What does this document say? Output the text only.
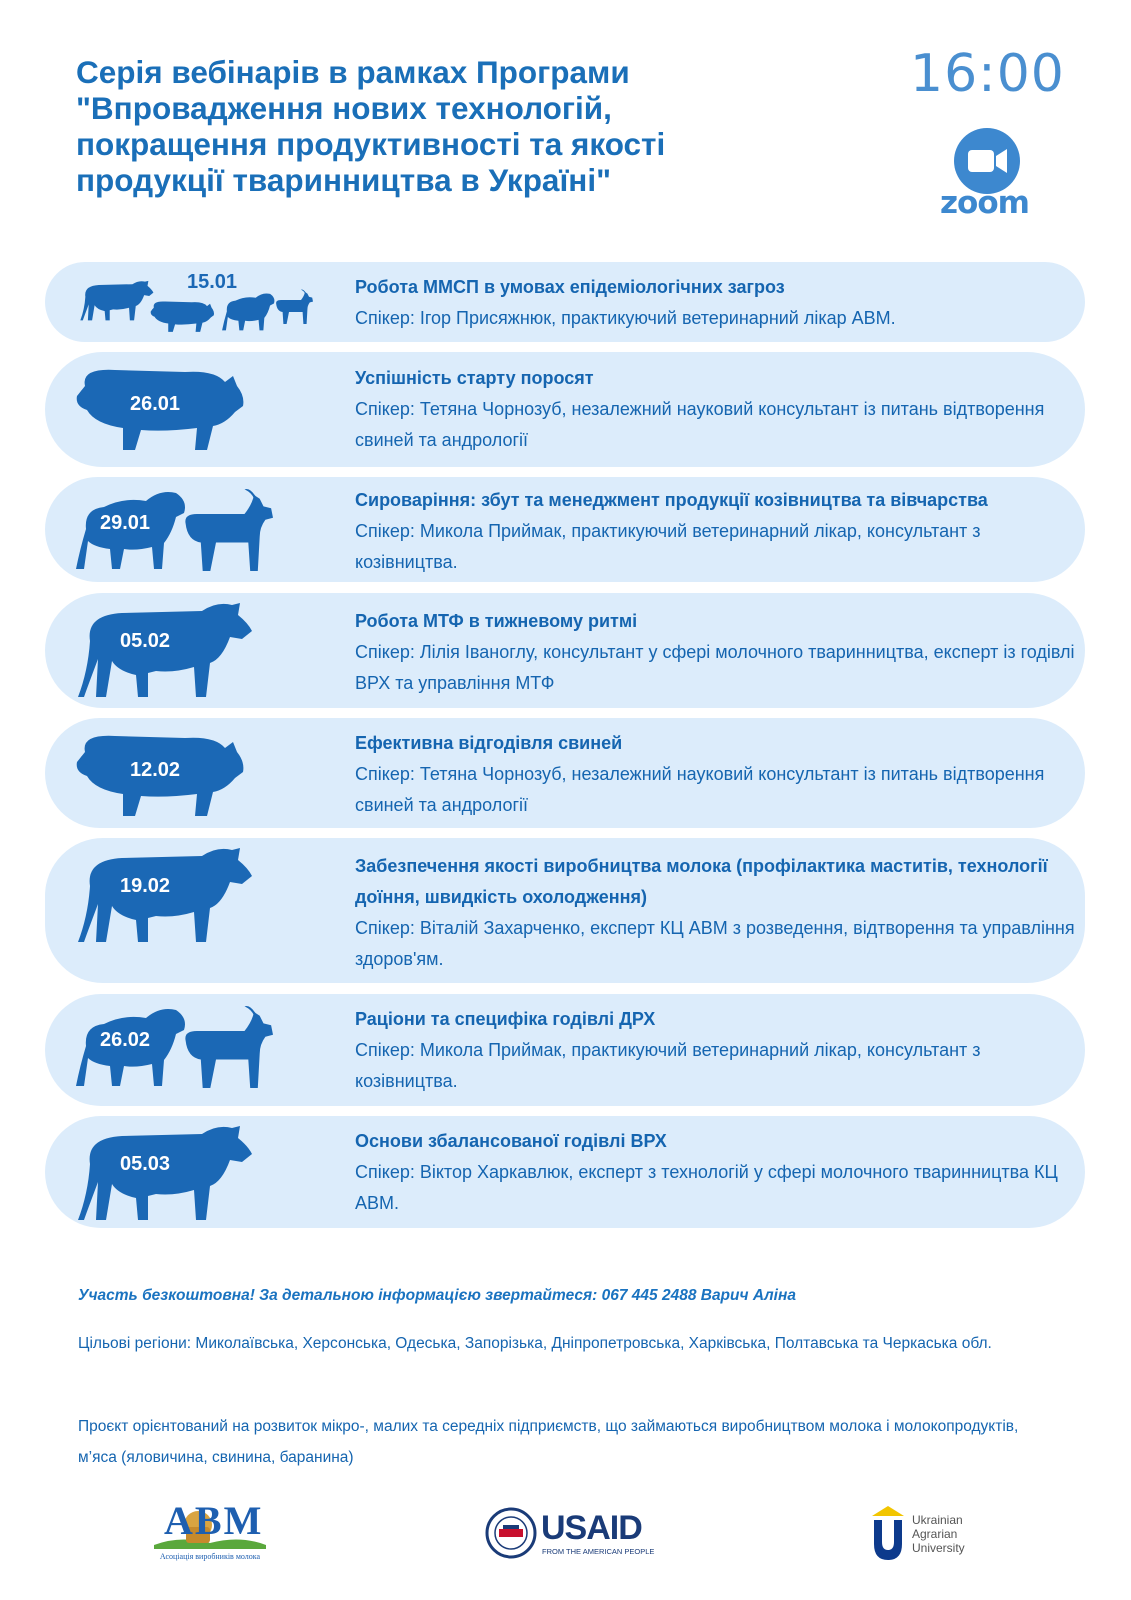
Серія вебінарів в рамках Програми
"Впровадження нових технологій,
покращення продуктивності та якості
продукції тваринництва в Україні"
16:00
zoom
15.01	Робота ММСП в умовах епідеміологічних загроз
Спікер: Ігор Присяжнюк, практикуючий ветеринарний лікар АВМ.
26.01
Успішність старту поросят
Спікер: Тетяна Чорнозуб, незалежний науковий консультант із питань відтворення свиней та андрології
29.01
Сироваріння: збут та менеджмент продукції козівництва та вівчарства
Спікер: Микола Приймак, практикуючий ветеринарний лікар, консультант з козівництва.
05.02
Робота МТФ в тижневому ритмі
Спікер: Лілія Іваноглу, консультант у сфері молочного тваринництва, експерт із годівлі ВРХ та управління МТФ
12.02
Ефективна відгодівля свиней
Спікер: Тетяна Чорнозуб, незалежний науковий консультант із питань відтворення свиней та андрології
19.02
Забезпечення якості виробництва молока (профілактика маститів, технології доїння, швидкість охолодження)
Спікер: Віталій Захарченко, експерт КЦ АВМ з розведення, відтворення та управління здоров'ям.
26.02
Раціони та специфіка годівлі ДРХ
Спікер: Микола Приймак, практикуючий ветеринарний лікар, консультант з козівництва.
05.03
Основи збалансованої годівлі ВРХ
Спікер: Віктор Харкавлюк, експерт з технологій у сфері молочного тваринництва КЦ АВМ.
Участь безкоштовна! За детальною інформацією звертайтеся: 067 445 2488 Варич Аліна
Цільові регіони: Миколаївська, Херсонська, Одеська, Запорізька, Дніпропетровська, Харківська, Полтавська та Черкаська обл.
Проєкт орієнтований на розвиток мікро-, малих та середніх підприємств, що займаються виробництвом молока і молокопродуктів, м’яса (яловичина, свинина, баранина)
АВМ
Асоціація виробників молока
USAID
FROM THE AMERICAN PEOPLE
Ukrainian
Agrarian
University
